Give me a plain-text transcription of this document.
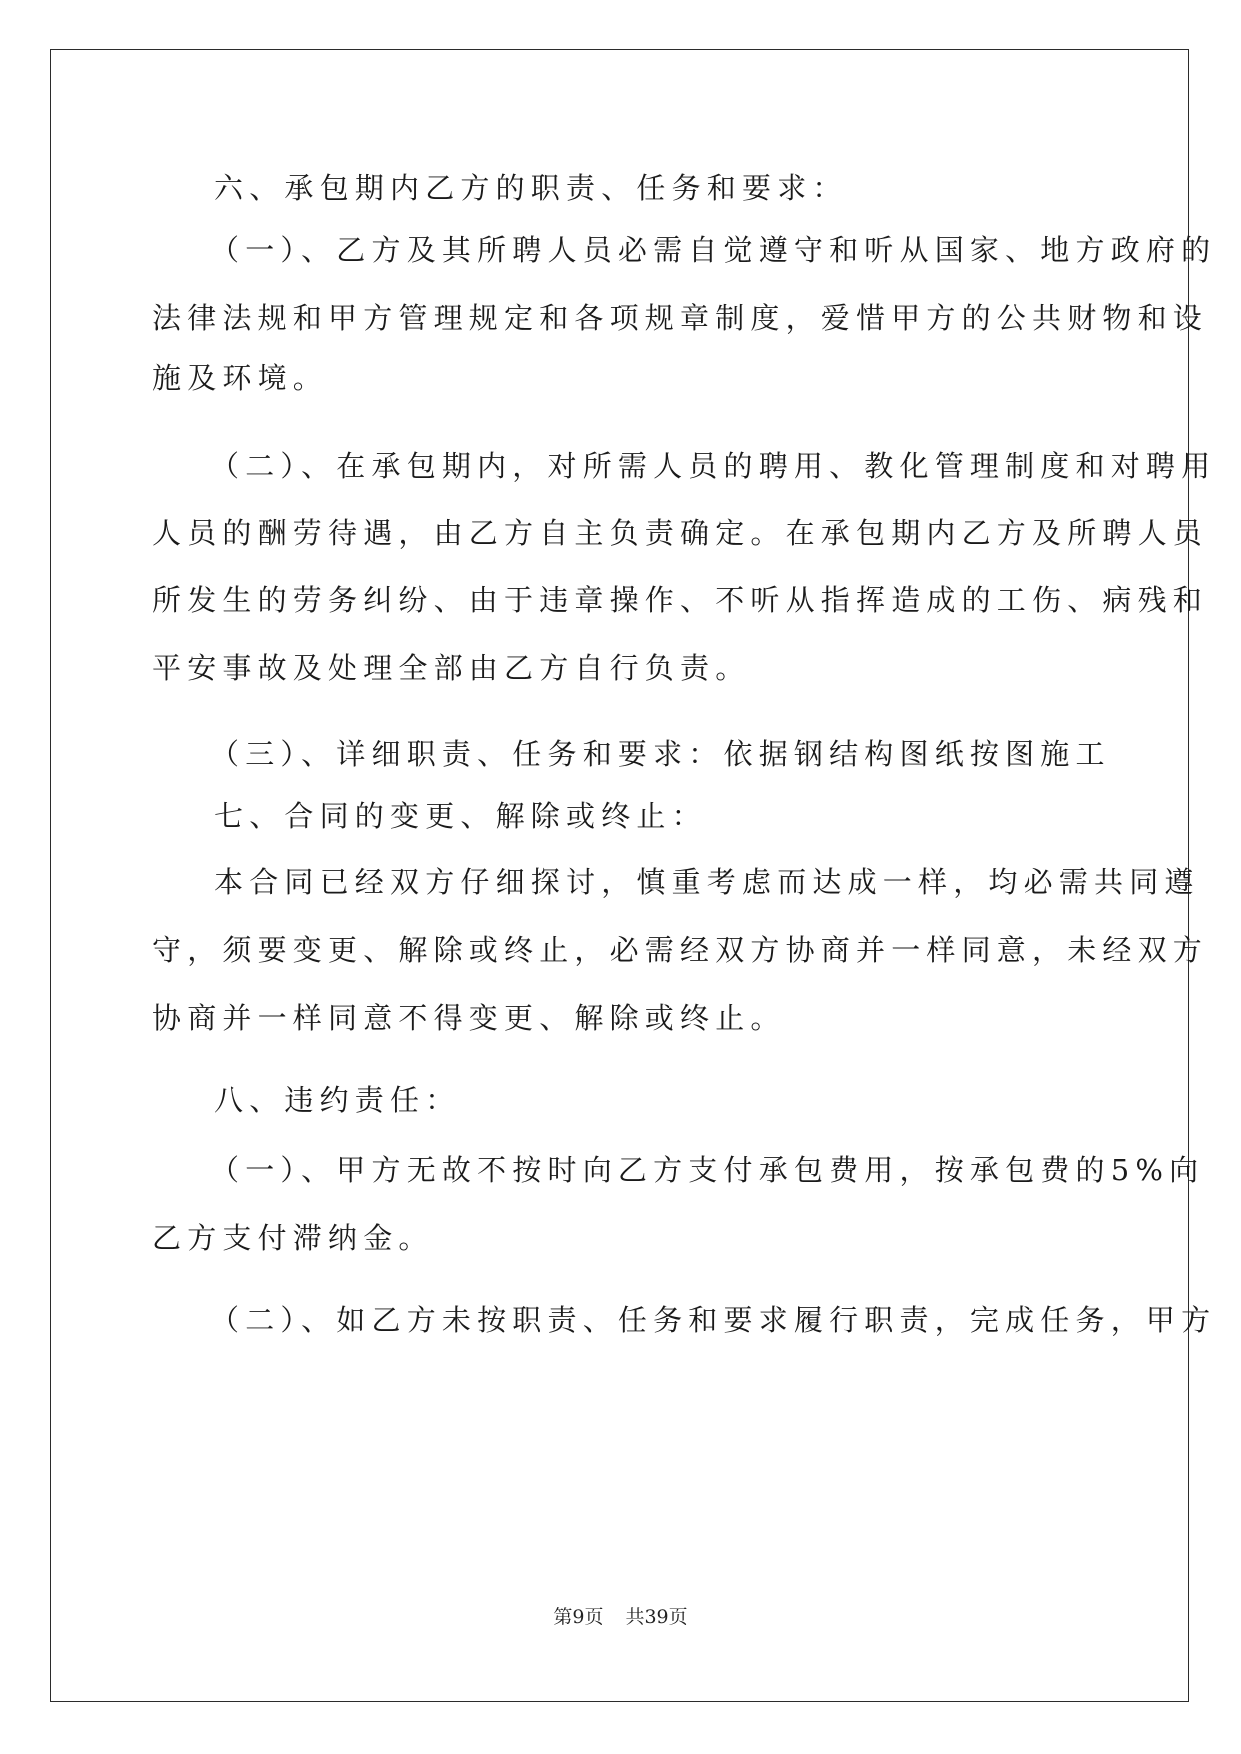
六、承包期内乙方的职责、任务和要求：
（一）、乙方及其所聘人员必需自觉遵守和听从国家、地方政府的
法律法规和甲方管理规定和各项规章制度，爱惜甲方的公共财物和设
施及环境。
（二）、在承包期内，对所需人员的聘用、教化管理制度和对聘用
人员的酬劳待遇，由乙方自主负责确定。在承包期内乙方及所聘人员
所发生的劳务纠纷、由于违章操作、不听从指挥造成的工伤、病残和
平安事故及处理全部由乙方自行负责。
（三）、详细职责、任务和要求：依据钢结构图纸按图施工
七、合同的变更、解除或终止：
本合同已经双方仔细探讨，慎重考虑而达成一样，均必需共同遵
守，须要变更、解除或终止，必需经双方协商并一样同意，未经双方
协商并一样同意不得变更、解除或终止。
八、违约责任：
（一）、甲方无故不按时向乙方支付承包费用，按承包费的5%向
乙方支付滞纳金。
（二）、如乙方未按职责、任务和要求履行职责，完成任务，甲方
第9页 共39页
